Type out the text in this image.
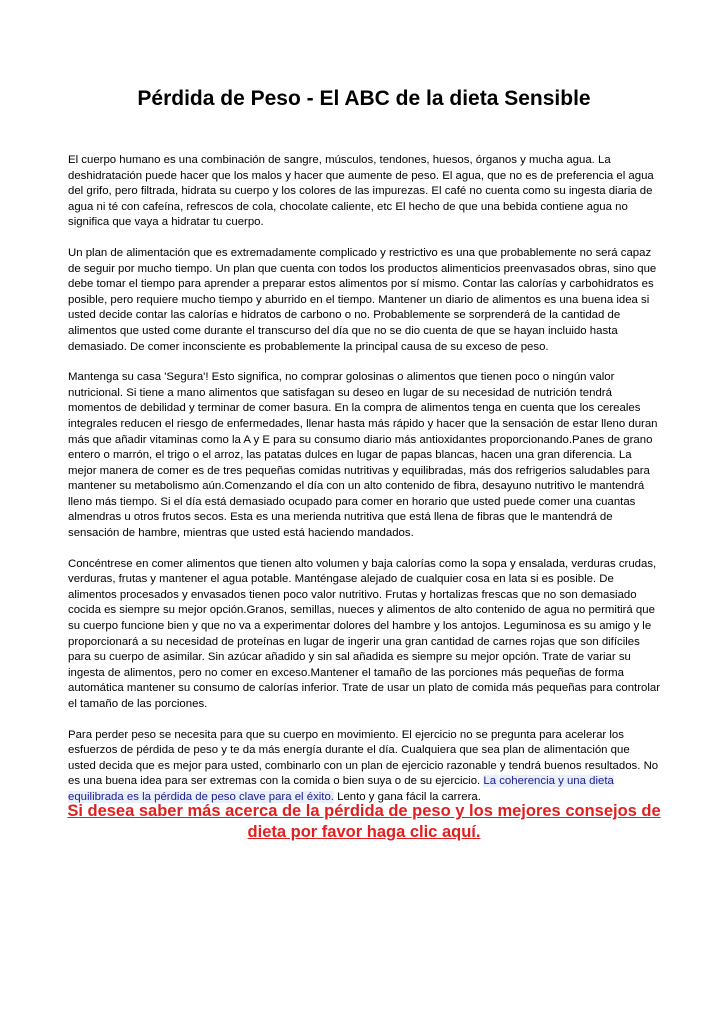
Pérdida de Peso - El ABC de la dieta Sensible

El cuerpo humano es una combinación de sangre, músculos, tendones, huesos, órganos y mucha agua. La deshidratación puede hacer que los malos y hacer que aumente de peso. El agua, que no es de preferencia el agua del grifo, pero filtrada, hidrata su cuerpo y los colores de las impurezas. El café no cuenta como su ingesta diaria de agua ni té con cafeína, refrescos de cola, chocolate caliente, etc El hecho de que una bebida contiene agua no significa que vaya a hidratar tu cuerpo.

Un plan de alimentación que es extremadamente complicado y restrictivo es una que probablemente no será capaz de seguir por mucho tiempo. Un plan que cuenta con todos los productos alimenticios preenvasados obras, sino que debe tomar el tiempo para aprender a preparar estos alimentos por sí mismo. Contar las calorías y carbohidratos es posible, pero requiere mucho tiempo y aburrido en el tiempo. Mantener un diario de alimentos es una buena idea si usted decide contar las calorías e hidratos de carbono o no. Probablemente se sorprenderá de la cantidad de alimentos que usted come durante el transcurso del día que no se dio cuenta de que se hayan incluido hasta demasiado. De comer inconsciente es probablemente la principal causa de su exceso de peso.

Mantenga su casa 'Segura'! Esto significa, no comprar golosinas o alimentos que tienen poco o ningún valor nutricional. Si tiene a mano alimentos que satisfagan su deseo en lugar de su necesidad de nutrición tendrá momentos de debilidad y terminar de comer basura. En la compra de alimentos tenga en cuenta que los cereales integrales reducen el riesgo de enfermedades, llenar hasta más rápido y hacer que la sensación de estar lleno duran más que añadir vitaminas como la A y E para su consumo diario más antioxidantes proporcionando.Panes de grano entero o marrón, el trigo o el arroz, las patatas dulces en lugar de papas blancas, hacen una gran diferencia. La mejor manera de comer es de tres pequeñas comidas nutritivas y equilibradas, más dos refrigerios saludables para mantener su metabolismo aún.Comenzando el día con un alto contenido de fibra, desayuno nutritivo le mantendrá lleno más tiempo. Si el día está demasiado ocupado para comer en horario que usted puede comer una cuantas almendras u otros frutos secos. Esta es una merienda nutritiva que está llena de fibras que le mantendrá de sensación de hambre, mientras que usted está haciendo mandados.

Concéntrese en comer alimentos que tienen alto volumen y baja calorías como la sopa y ensalada, verduras crudas, verduras, frutas y mantener el agua potable. Manténgase alejado de cualquier cosa en lata si es posible. De alimentos procesados y envasados tienen poco valor nutritivo. Frutas y hortalizas frescas que no son demasiado cocida es siempre su mejor opción.Granos, semillas, nueces y alimentos de alto contenido de agua no permitirá que su cuerpo funcione bien y que no va a experimentar dolores del hambre y los antojos. Leguminosa es su amigo y le proporcionará a su necesidad de proteínas en lugar de ingerir una gran cantidad de carnes rojas que son difíciles para su cuerpo de asimilar. Sin azúcar añadido y sin sal añadida es siempre su mejor opción. Trate de variar su ingesta de alimentos, pero no comer en exceso.Mantener el tamaño de las porciones más pequeñas de forma automática mantener su consumo de calorías inferior. Trate de usar un plato de comida más pequeñas para controlar el tamaño de las porciones.

Para perder peso se necesita para que su cuerpo en movimiento. El ejercicio no se pregunta para acelerar los esfuerzos de pérdida de peso y te da más energía durante el día. Cualquiera que sea plan de alimentación que usted decida que es mejor para usted, combinarlo con un plan de ejercicio razonable y tendrá buenos resultados. No es una buena idea para ser extremas con la comida o bien suya o de su ejercicio. La coherencia y una dieta equilibrada es la pérdida de peso clave para el éxito. Lento y gana fácil la carrera.

Si desea saber más acerca de la pérdida de peso y los mejores consejos de dieta por favor haga clic aquí.
